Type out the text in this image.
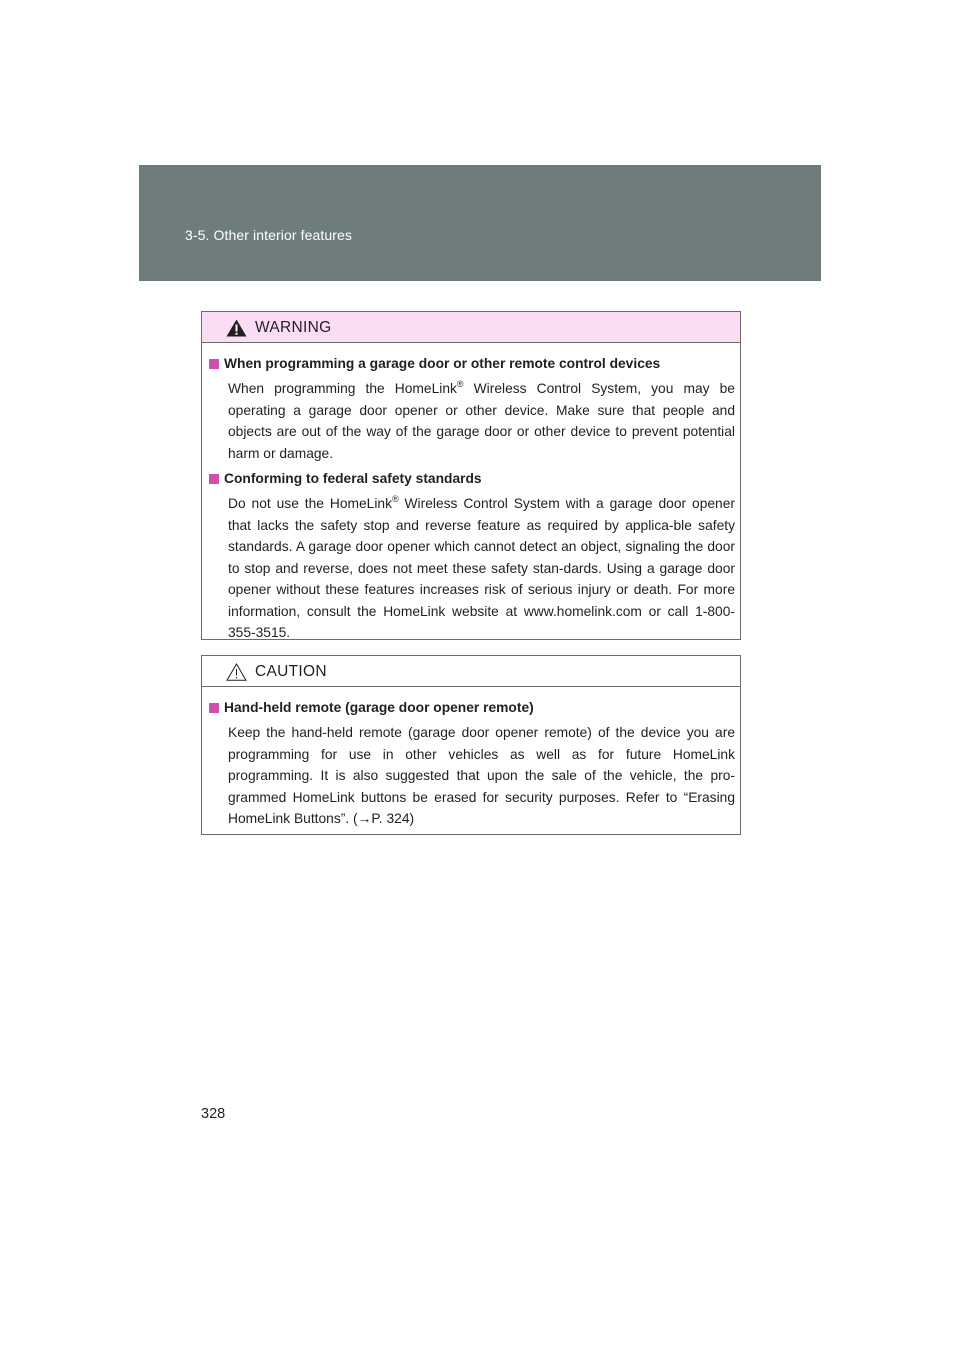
3-5. Other interior features
WARNING
When programming a garage door or other remote control devices
When programming the HomeLink® Wireless Control System, you may be operating a garage door opener or other device. Make sure that people and objects are out of the way of the garage door or other device to prevent potential harm or damage.
Conforming to federal safety standards
Do not use the HomeLink® Wireless Control System with a garage door opener that lacks the safety stop and reverse feature as required by applica-ble safety standards. A garage door opener which cannot detect an object, signaling the door to stop and reverse, does not meet these safety stan-dards. Using a garage door opener without these features increases risk of serious injury or death. For more information, consult the HomeLink website at www.homelink.com or call 1-800-355-3515.
CAUTION
Hand-held remote (garage door opener remote)
Keep the hand-held remote (garage door opener remote) of the device you are programming for use in other vehicles as well as for future HomeLink programming. It is also suggested that upon the sale of the vehicle, the pro-grammed HomeLink buttons be erased for security purposes. Refer to “Erasing HomeLink Buttons”. (→P. 324)
328
